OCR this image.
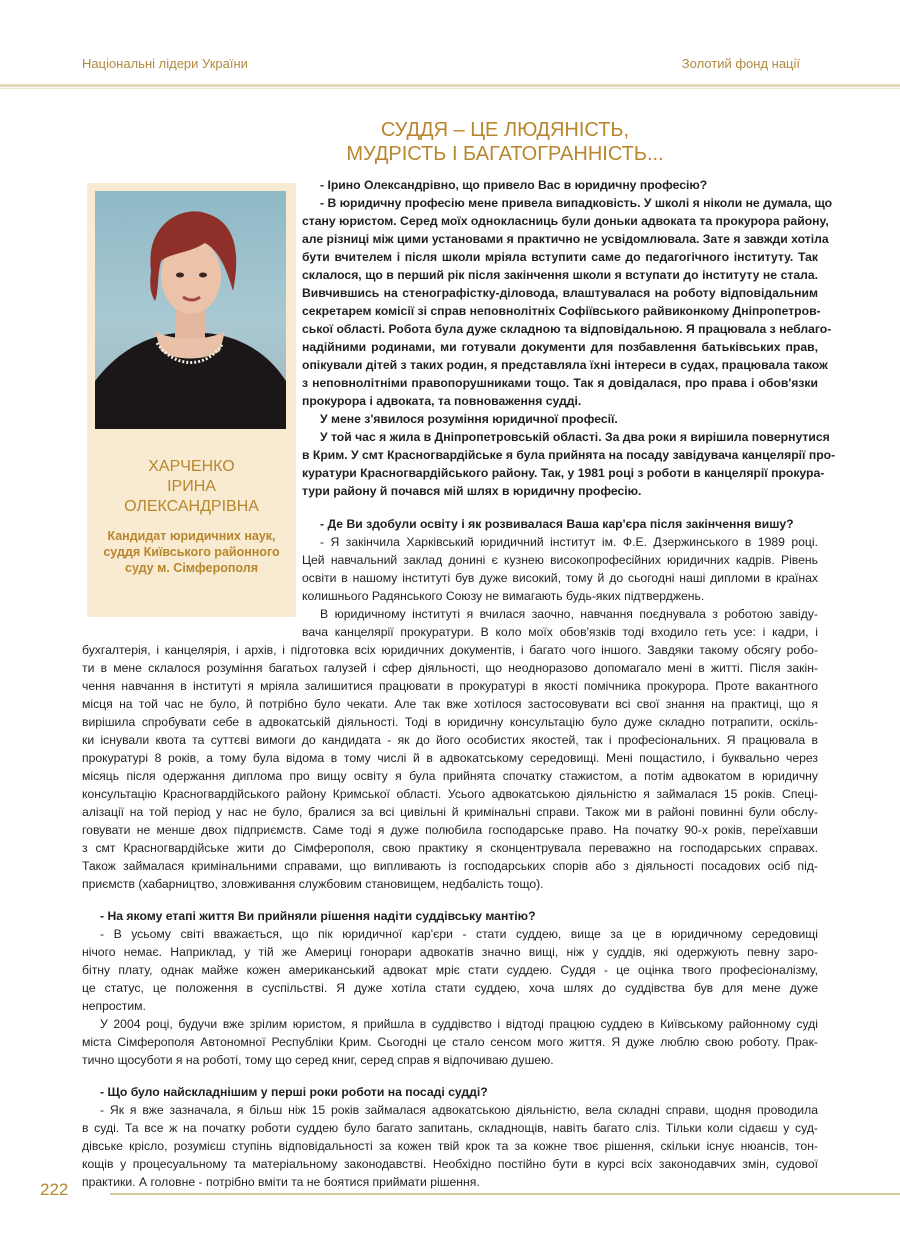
Національні лідери України	Золотий фонд нації
СУДДЯ – ЦЕ ЛЮДЯНІСТЬ,
МУДРІСТЬ І БАГАТОГРАННІСТЬ...
ХАРЧЕНКО
ІРИНА
ОЛЕКСАНДРІВНА
Кандидат юридичних наук,
суддя Київського районного
суду м. Сімферополя
- Ірино Олександрівно, що привело Вас в юридичну професію?
- В юридичну професію мене привела випадковість. У школі я ніколи не думала, що
стану юристом. Серед моїх однокласниць були доньки адвоката та прокурора району,
але різниці між цими установами я практично не усвідомлювала. Зате я завжди хотіла
бути вчителем і після школи мріяла вступити саме до педагогічного інституту. Так
склалося, що в перший рік після закінчення школи я вступати до інституту не стала.
Вивчившись на стенографістку-діловода, влаштувалася на роботу відповідальним
секретарем комісії зі справ неповнолітніх Софіївського райвиконкому Дніпропетров-
ської області. Робота була дуже складною та відповідальною. Я працювала з неблаго-
надійними родинами, ми готували документи для позбавлення батьківських прав,
опікували дітей з таких родин, я представляла їхні інтереси в судах, працювала також
з неповнолітніми правопорушниками тощо. Так я довідалася, про права і обов'язки
прокурора і адвоката, та повноваження судді.
У мене з'явилося розуміння юридичної професії.
У той час я жила в Дніпропетровській області. За два роки я вирішила повернутися
в Крим. У смт Красногвардійське я була прийнята на посаду завідувача канцелярії про-
куратури Красногвардійського району. Так, у 1981 році з роботи в канцелярії прокура-
тури району й почався мій шлях в юридичну професію.
- Де Ви здобули освіту і як розвивалася Ваша кар'єра після закінчення вишу?
- Я закінчила Харківський юридичний інститут ім. Ф.Е. Дзержинського в 1989 році.
Цей навчальний заклад донині є кузнею високопрофесійних юридичних кадрів. Рівень
освіти в нашому інституті був дуже високий, тому й до сьогодні наші дипломи в країнах
колишнього Радянського Союзу не вимагають будь-яких підтверджень.
В юридичному інституті я вчилася заочно, навчання поєднувала з роботою завіду-
вача канцелярії прокуратури. В коло моїх обов'язків тоді входило геть усе: і кадри, і
бухгалтерія, і канцелярія, і архів, і підготовка всіх юридичних документів, і багато чого іншого. Завдяки такому обсягу робо-
ти в мене склалося розуміння багатьох галузей і сфер діяльності, що неодноразово допомагало мені в житті. Після закін-
чення навчання в інституті я мріяла залишитися працювати в прокуратурі в якості помічника прокурора. Проте вакантного
місця на той час не було, й потрібно було чекати. Але так вже хотілося застосовувати всі свої знання на практиці, що я
вирішила спробувати себе в адвокатській діяльності. Тоді в юридичну консультацію було дуже складно потрапити, оскіль-
ки існували квота та суттєві вимоги до кандидата - як до його особистих якостей, так і професіональних. Я працювала в
прокуратурі 8 років, а тому була відома в тому числі й в адвокатському середовищі. Мені пощастило, і буквально через
місяць після одержання диплома про вищу освіту я була прийнята спочатку стажистом, а потім адвокатом в юридичну
консультацію Красногвардійського району Кримської області. Усього адвокатською діяльністю я займалася 15 років. Спеці-
алізації на той період у нас не було, бралися за всі цивільні й кримінальні справи. Також ми в районі повинні були обслу-
говувати не менше двох підприємств. Саме тоді я дуже полюбила господарське право. На початку 90-х років, переїхавши
з смт Красногвардійське жити до Сімферополя, свою практику я сконцентрувала переважно на господарських справах.
Також займалася кримінальними справами, що випливають із господарських спорів або з діяльності посадових осіб під-
приємств (хабарництво, зловживання службовим становищем, недбалість тощо).
- На якому етапі життя Ви прийняли рішення надіти суддівську мантію?
- В усьому світі вважається, що пік юридичної кар'єри - стати суддею, вище за це в юридичному середовищі
нічого немає. Наприклад, у тій же Америці гонорари адвокатів значно вищі, ніж у суддів, які одержують певну заро-
бітну плату, однак майже кожен американський адвокат мріє стати суддею. Суддя - це оцінка твого професіоналізму,
це статус, це положення в суспільстві. Я дуже хотіла стати суддею, хоча шлях до суддівства був для мене дуже
непростим.
У 2004 році, будучи вже зрілим юристом, я прийшла в суддівство і відтоді працюю суддею в Київському районному суді
міста Сімферополя Автономної Республіки Крим. Сьогодні це стало сенсом мого життя. Я дуже люблю свою роботу. Прак-
тично щосуботи я на роботі, тому що серед книг, серед справ я відпочиваю душею.
- Що було найскладнішим у перші роки роботи на посаді судді?
- Як я вже зазначала, я більш ніж 15 років займалася адвокатською діяльністю, вела складні справи, щодня проводила
в суді. Та все ж на початку роботи суддею було багато запитань, складнощів, навіть багато сліз. Тільки коли сідаєш у суд-
дівське крісло, розумієш ступінь відповідальності за кожен твій крок та за кожне твоє рішення, скільки існує нюансів, тон-
кощів у процесуальному та матеріальному законодавстві. Необхідно постійно бути в курсі всіх законодавчих змін, судової
практики. А головне - потрібно вміти та не боятися приймати рішення.
222
